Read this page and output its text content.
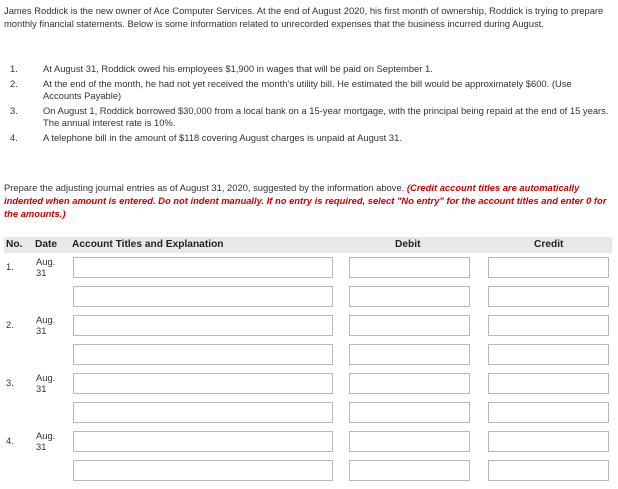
James Roddick is the new owner of Ace Computer Services. At the end of August 2020, his first month of ownership, Roddick is trying to prepare monthly financial statements. Below is some information related to unrecorded expenses that the business incurred during August.
1.	At August 31, Roddick owed his employees $1,900 in wages that will be paid on September 1.
2.	At the end of the month, he had not yet received the month's utility bill. He estimated the bill would be approximately $600. (Use Accounts Payable)
3.	On August 1, Roddick borrowed $30,000 from a local bank on a 15-year mortgage, with the principal being repaid at the end of 15 years. The annual interest rate is 10%.
4.	A telephone bill in the amount of $118 covering August charges is unpaid at August 31.
Prepare the adjusting journal entries as of August 31, 2020, suggested by the information above. (Credit account titles are automatically indented when amount is entered. Do not indent manually. If no entry is required, select "No entry" for the account titles and enter 0 for the amounts.)
No. Date Account Titles and Explanation	Debit	Credit
1. Aug.
31
2. Aug.
31
3. Aug.
31
4. Aug.
31
